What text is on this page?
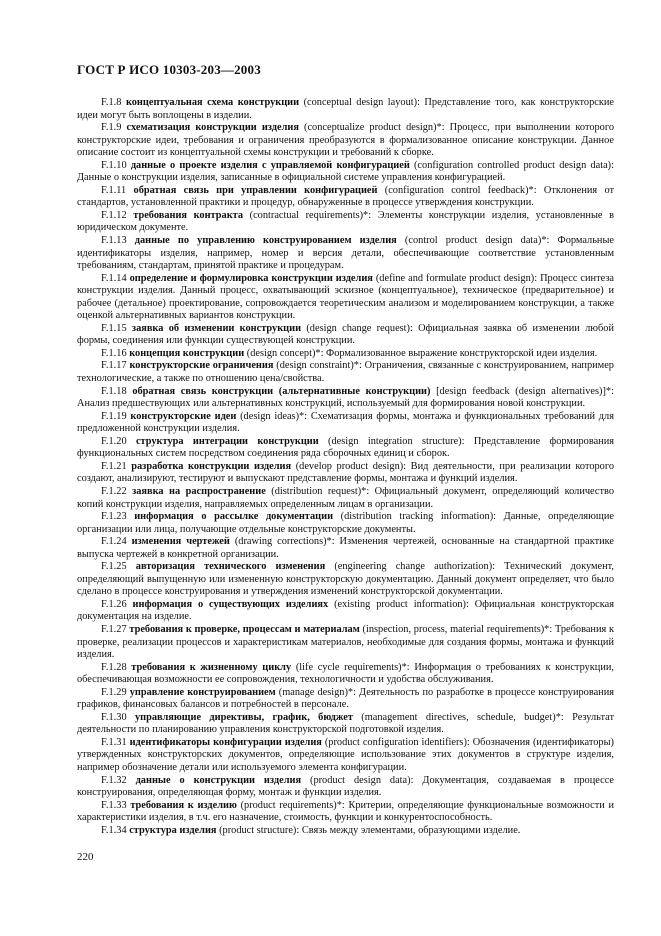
ГОСТ Р ИСО 10303-203—2003

F.1.8 концептуальная схема конструкции (conceptual design layout): Представление того, как конструкторские идеи могут быть воплощены в изделии.

F.1.9 схематизация конструкции изделия (conceptualize product design)*: Процесс, при выполнении которого конструкторские идеи, требования и ограничения преобразуются в формализованное описание конструкции. Данное описание состоит из концептуальной схемы конструкции и требований к сборке.

F.1.10 данные о проекте изделия с управляемой конфигурацией (configuration controlled product design data): Данные о конструкции изделия, записанные в официальной системе управления конфигурацией.

F.1.11 обратная связь при управлении конфигурацией (configuration control feedback)*: Отклонения от стандартов, установленной практики и процедур, обнаруженные в процессе утверждения конструкции.

F.1.12 требования контракта (contractual requirements)*: Элементы конструкции изделия, установленные в юридическом документе.

F.1.13 данные по управлению конструированием изделия (control product design data)*: Формальные идентификаторы изделия, например, номер и версия детали, обеспечивающие соответствие установленным требованиям, стандартам, принятой практике и процедурам.

F.1.14 определение и формулировка конструкции изделия (define and formulate product design): Процесс синтеза конструкции изделия. Данный процесс, охватывающий эскизное (концептуальное), техническое (предварительное) и рабочее (детальное) проектирование, сопровождается теоретическим анализом и моделированием конструкции, а также оценкой альтернативных вариантов конструкции.

F.1.15 заявка об изменении конструкции (design change request): Официальная заявка об изменении любой формы, соединения или функции существующей конструкции.

F.1.16 концепция конструкции (design concept)*: Формализованное выражение конструкторской идеи изделия.

F.1.17 конструкторские ограничения (design constraint)*: Ограничения, связанные с конструированием, например технологические, а также по отношению цена/свойства.

F.1.18 обратная связь конструкции (альтернативные конструкции) [design feedback (design alternatives)]*: Анализ предшествующих или альтернативных конструкций, используемый для формирования новой конструкции.

F.1.19 конструкторские идеи (design ideas)*: Схематизация формы, монтажа и функциональных требований для предложенной конструкции изделия.

F.1.20 структура интеграции конструкции (design integration structure): Представление формирования функциональных систем посредством соединения ряда сборочных единиц и сборок.

F.1.21 разработка конструкции изделия (develop product design): Вид деятельности, при реализации которого создают, анализируют, тестируют и выпускают представление формы, монтажа и функций изделия.

F.1.22 заявка на распространение (distribution request)*: Официальный документ, определяющий количество копий конструкции изделия, направляемых определенным лицам в организации.

F.1.23 информация о рассылке документации (distribution tracking information): Данные, определяющие организации или лица, получающие отдельные конструкторские документы.

F.1.24 изменения чертежей (drawing corrections)*: Изменения чертежей, основанные на стандартной практике выпуска чертежей в конкретной организации.

F.1.25 авторизация технического изменения (engineering change authorization): Технический документ, определяющий выпущенную или измененную конструкторскую документацию. Данный документ определяет, что было сделано в процессе конструирования и утверждения изменений конструкторской документации.

F.1.26 информация о существующих изделиях (existing product information): Официальная конструкторская документация на изделие.

F.1.27 требования к проверке, процессам и материалам (inspection, process, material requirements)*: Требования к проверке, реализации процессов и характеристикам материалов, необходимые для создания формы, монтажа и функций изделия.

F.1.28 требования к жизненному циклу (life cycle requirements)*: Информация о требованиях к конструкции, обеспечивающая возможности ее сопровождения, технологичности и удобства обслуживания.

F.1.29 управление конструированием (manage design)*: Деятельность по разработке в процессе конструирования графиков, финансовых балансов и потребностей в персонале.

F.1.30 управляющие директивы, график, бюджет (management directives, schedule, budget)*: Результат деятельности по планированию управления конструкторской подготовкой изделия.

F.1.31 идентификаторы конфигурации изделия (product configuration identifiers): Обозначения (идентификаторы) утвержденных конструкторских документов, определяющие использование этих документов в структуре изделия, например обозначение детали или используемого элемента конфигурации.

F.1.32 данные о конструкции изделия (product design data): Документация, создаваемая в процессе конструирования, определяющая форму, монтаж и функции изделия.

F.1.33 требования к изделию (product requirements)*: Критерии, определяющие функциональные возможности и характеристики изделия, в т.ч. его назначение, стоимость, функции и конкурентоспособность.

F.1.34 структура изделия (product structure): Связь между элементами, образующими изделие.

220
